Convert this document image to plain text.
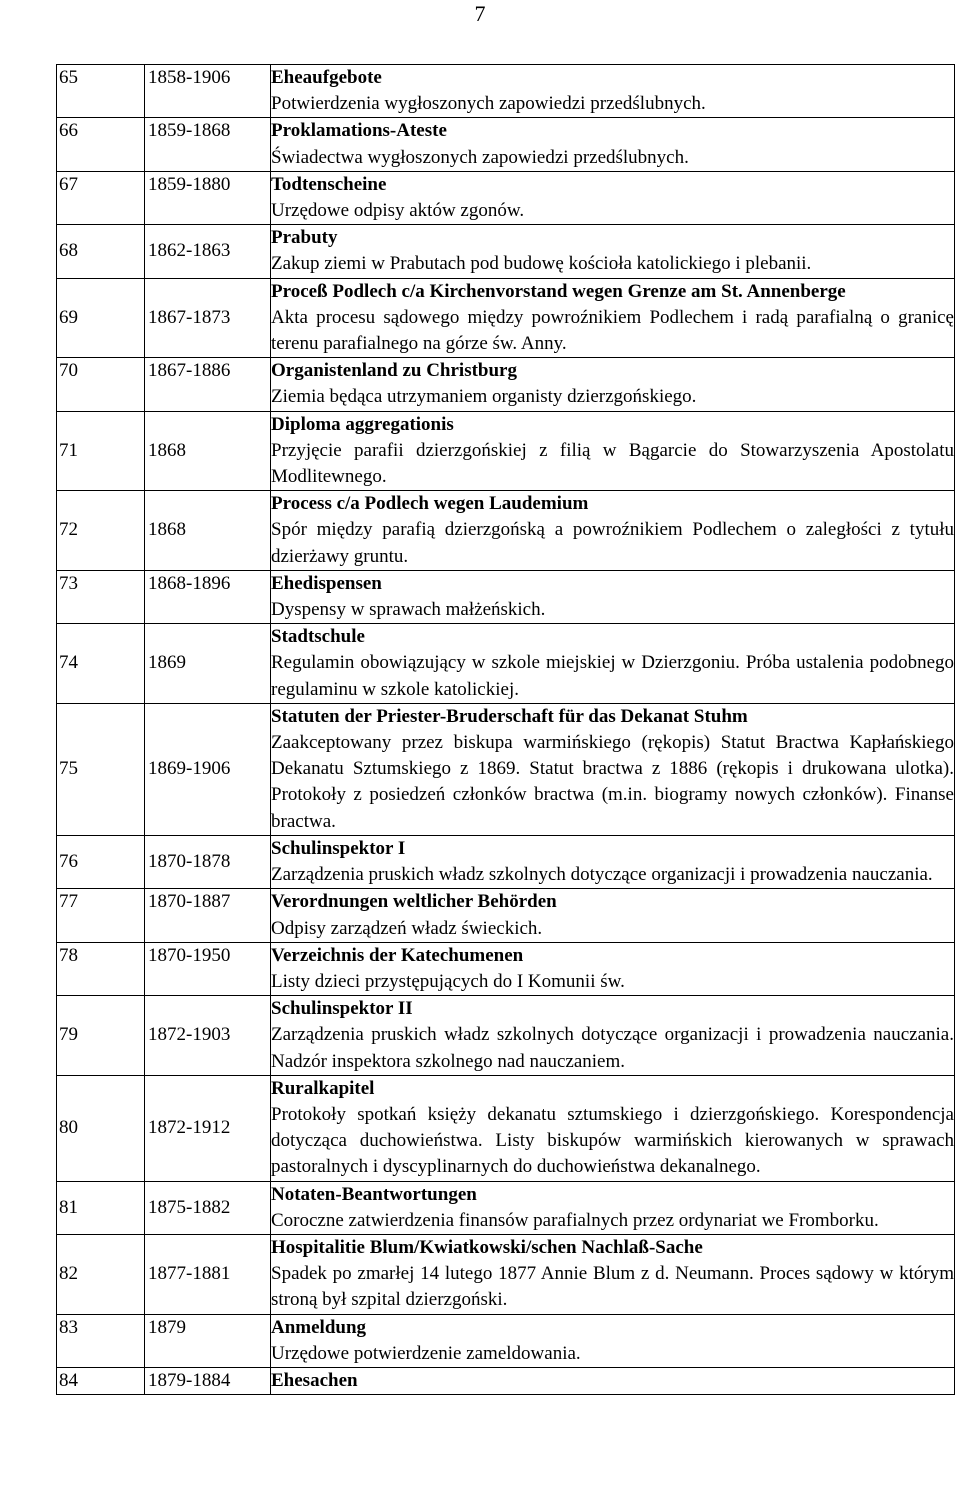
7
65	1858-1906	Eheaufgebote
Potwierdzenia wygłoszonych zapowiedzi przedślubnych.

66	1859-1868	Proklamations-Ateste
Świadectwa wygłoszonych zapowiedzi przedślubnych.

67	1859-1880	Todtenscheine
Urzędowe odpisy aktów zgonów.

68	1862-1863	Prabuty
Zakup ziemi w Prabutach pod budowę kościoła katolickiego i plebanii.

69	1867-1873	Proceß Podlech c/a Kirchenvorstand wegen Grenze am St. Annenberge
Akta procesu sądowego między powroźnikiem Podlechem i radą parafialną o granicę terenu parafialnego na górze św. Anny.

70	1867-1886	Organistenland zu Christburg
Ziemia będąca utrzymaniem organisty dzierzgońskiego.

71	1868	Diploma aggregationis
Przyjęcie parafii dzierzgońskiej z filią w Bągarcie do Stowarzyszenia Apostolatu Modlitewnego.

72	1868	Process c/a Podlech wegen Laudemium
Spór między parafią dzierzgońską a powroźnikiem Podlechem o zaległości z tytułu dzierżawy gruntu.

73	1868-1896	Ehedispensen
Dyspensy w sprawach małżeńskich.

74	1869	Stadtschule
Regulamin obowiązujący w szkole miejskiej w Dzierzgoniu. Próba ustalenia podobnego regulaminu w szkole katolickiej.

75	1869-1906	Statuten der Priester-Bruderschaft für das Dekanat Stuhm
Zaakceptowany przez biskupa warmińskiego (rękopis) Statut Bractwa Kapłańskiego Dekanatu Sztumskiego z 1869. Statut bractwa z 1886 (rękopis i drukowana ulotka). Protokoły z posiedzeń członków bractwa (m.in. biogramy nowych członków). Finanse bractwa.

76	1870-1878	Schulinspektor I
Zarządzenia pruskich władz szkolnych dotyczące organizacji i prowadzenia nauczania.

77	1870-1887	Verordnungen weltlicher Behörden
Odpisy zarządzeń władz świeckich.

78	1870-1950	Verzeichnis der Katechumenen
Listy dzieci przystępujących do I Komunii św.

79	1872-1903	Schulinspektor II
Zarządzenia pruskich władz szkolnych dotyczące organizacji i prowadzenia nauczania. Nadzór inspektora szkolnego nad nauczaniem.

80	1872-1912	Ruralkapitel
Protokoły spotkań księży dekanatu sztumskiego i dzierzgońskiego. Korespondencja dotycząca duchowieństwa. Listy biskupów warmińskich kierowanych w sprawach pastoralnych i dyscyplinarnych do duchowieństwa dekanalnego.

81	1875-1882	Notaten-Beantwortungen
Coroczne zatwierdzenia finansów parafialnych przez ordynariat we Fromborku.

82	1877-1881	Hospitalitie Blum/Kwiatkowski/schen Nachlaß-Sache
Spadek po zmarłej 14 lutego 1877 Annie Blum z d. Neumann. Proces sądowy w którym stroną był szpital dzierzgoński.

83	1879	Anmeldung
Urzędowe potwierdzenie zameldowania.

84	1879-1884	Ehesachen
